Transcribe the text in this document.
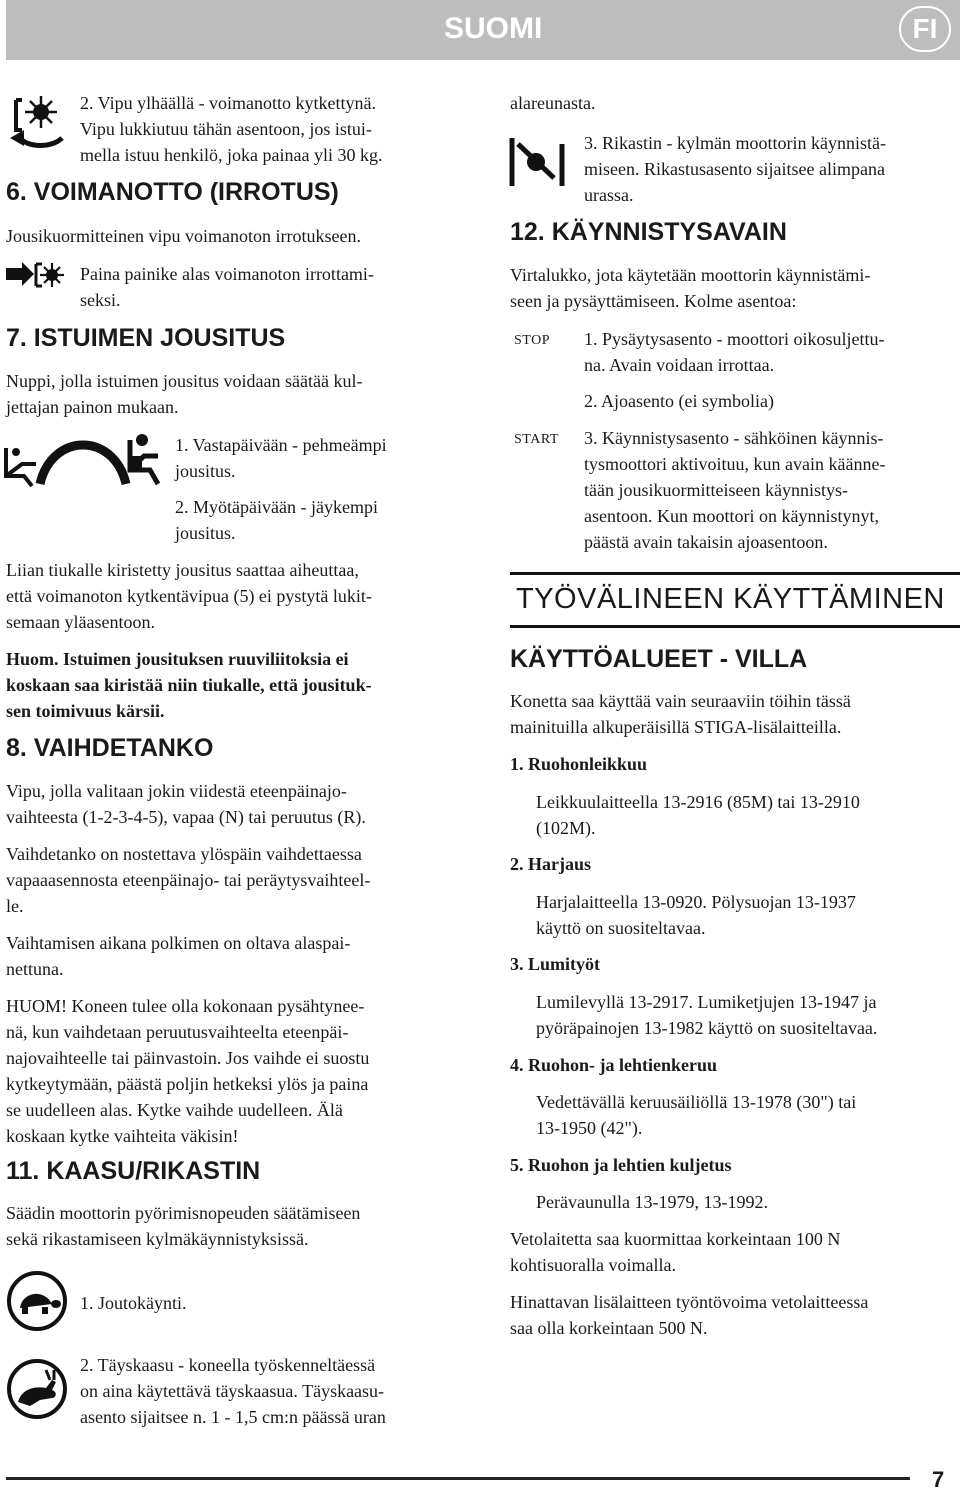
SUOMI	FI
2. Vipu ylhäällä - voimanotto kytkettynä.
Vipu lukkiutuu tähän asentoon, jos istui-
mella istuu henkilö, joka painaa yli 30 kg.
6. VOIMANOTTO (IRROTUS)
Jousikuormitteinen vipu voimanoton irrotukseen.
Paina painike alas voimanoton irrottami-
seksi.
7. ISTUIMEN JOUSITUS
Nuppi, jolla istuimen jousitus voidaan säätää kul-
jettajan painon mukaan.
1. Vastapäivään - pehmeämpi
jousitus.
2. Myötäpäivään - jäykempi
jousitus.
Liian tiukalle kiristetty jousitus saattaa aiheuttaa,
että voimanoton kytkentävipua (5) ei pystytä lukit-
semaan yläasentoon.
Huom. Istuimen jousituksen ruuviliitoksia ei
koskaan saa kiristää niin tiukalle, että jousituk-
sen toimivuus kärsii.
8. VAIHDETANKO
Vipu, jolla valitaan jokin viidestä eteenpäinajo-
vaihteesta (1-2-3-4-5), vapaa (N) tai peruutus (R).
Vaihdetanko on nostettava ylöspäin vaihdettaessa
vapaaasennosta eteenpäinajo- tai peräytysvaihteel-
le.
Vaihtamisen aikana polkimen on oltava alaspai-
nettuna.
HUOM! Koneen tulee olla kokonaan pysähtynee-
nä, kun vaihdetaan peruutusvaihteelta eteenpäi-
najovaihteelle tai päinvastoin. Jos vaihde ei suostu
kytkeytymään, päästä poljin hetkeksi ylös ja paina
se uudelleen alas. Kytke vaihde uudelleen. Älä
koskaan kytke vaihteita väkisin!
11. KAASU/RIKASTIN
Säädin moottorin pyörimisnopeuden säätämiseen
sekä rikastamiseen kylmäkäynnistyksissä.
1. Joutokäynti.
2. Täyskaasu - koneella työskenneltäessä
on aina käytettävä täyskaasua. Täyskaasu-
asento sijaitsee n. 1 - 1,5 cm:n päässä uran
alareunasta.
3. Rikastin - kylmän moottorin käynnistä-
miseen. Rikastusasento sijaitsee alimpana
urassa.
12. KÄYNNISTYSAVAIN
Virtalukko, jota käytetään moottorin käynnistämi-
seen ja pysäyttämiseen. Kolme asentoa:
STOP 1. Pysäytysasento - moottori oikosuljettu-
na. Avain voidaan irrottaa.
2. Ajoasento (ei symbolia)
START 3. Käynnistysasento - sähköinen käynnis-
tysmoottori aktivoituu, kun avain käänne-
tään jousikuormitteiseen käynnistys-
asentoon. Kun moottori on käynnistynyt,
päästä avain takaisin ajoasentoon.
TYÖVÄLINEEN KÄYTTÄMINEN
KÄYTTÖALUEET - VILLA
Konetta saa käyttää vain seuraaviin töihin tässä
mainituilla alkuperäisillä STIGA-lisälaitteilla.
1. Ruohonleikkuu
Leikkuulaitteella 13-2916 (85M) tai 13-2910
(102M).
2. Harjaus
Harjalaitteella 13-0920. Pölysuojan 13-1937
käyttö on suositeltavaa.
3. Lumityöt
Lumilevyllä 13-2917. Lumiketjujen 13-1947 ja
pyöräpainojen 13-1982 käyttö on suositeltavaa.
4. Ruohon- ja lehtienkeruu
Vedettävällä keruusäiliöllä 13-1978 (30") tai
13-1950 (42").
5. Ruohon ja lehtien kuljetus
Perävaunulla 13-1979, 13-1992.
Vetolaitetta saa kuormittaa korkeintaan 100 N
kohtisuoralla voimalla.
Hinattavan lisälaitteen työntövoima vetolaitteessa
saa olla korkeintaan 500 N.
7
